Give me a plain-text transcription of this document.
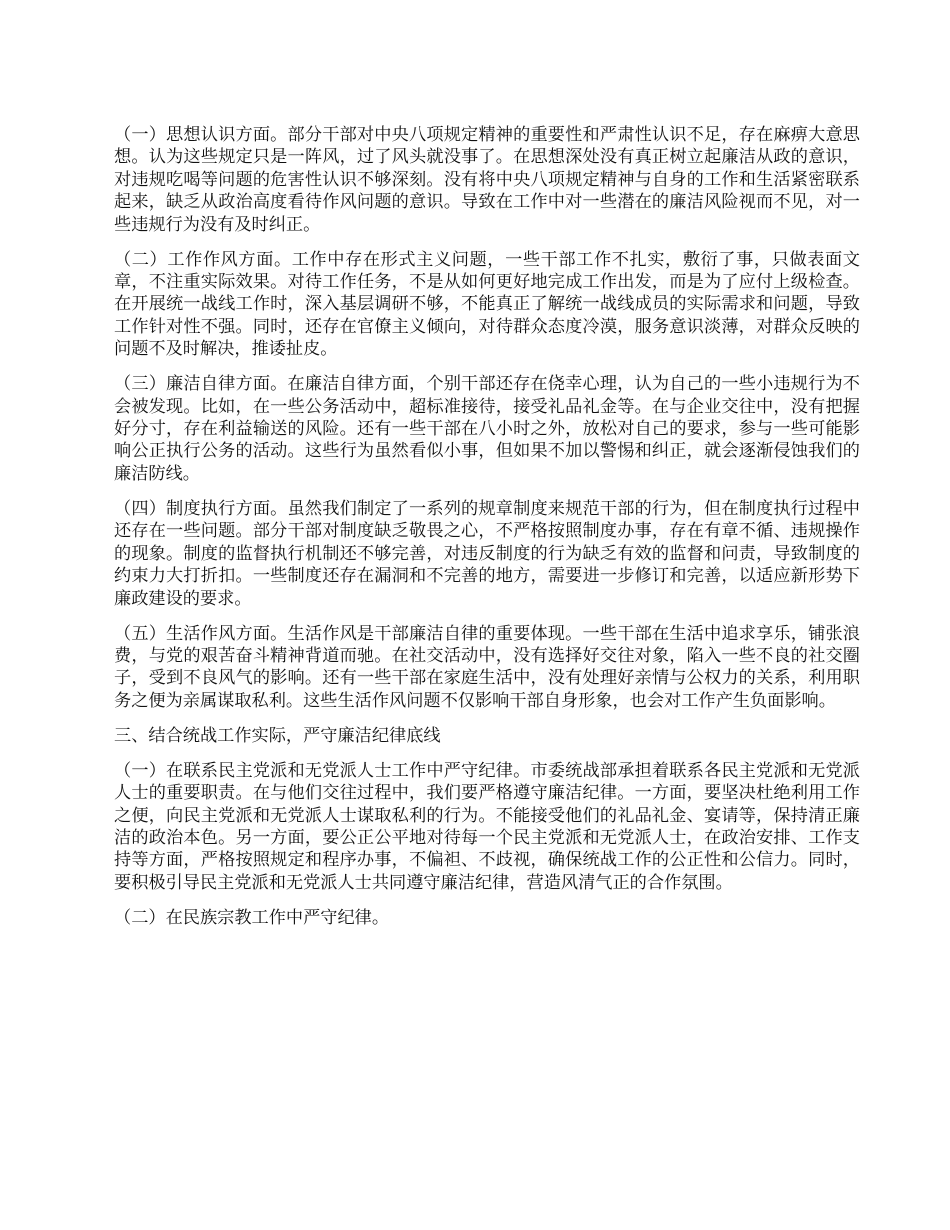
（一）思想认识方面。部分干部对中央八项规定精神的重要性和严肃性认识不足，存在麻痹大意思想。认为这些规定只是一阵风，过了风头就没事了。在思想深处没有真正树立起廉洁从政的意识，对违规吃喝等问题的危害性认识不够深刻。没有将中央八项规定精神与自身的工作和生活紧密联系起来，缺乏从政治高度看待作风问题的意识。导致在工作中对一些潜在的廉洁风险视而不见，对一些违规行为没有及时纠正。

（二）工作作风方面。工作中存在形式主义问题，一些干部工作不扎实，敷衍了事，只做表面文章，不注重实际效果。对待工作任务，不是从如何更好地完成工作出发，而是为了应付上级检查。在开展统一战线工作时，深入基层调研不够，不能真正了解统一战线成员的实际需求和问题，导致工作针对性不强。同时，还存在官僚主义倾向，对待群众态度冷漠，服务意识淡薄，对群众反映的问题不及时解决，推诿扯皮。

（三）廉洁自律方面。在廉洁自律方面，个别干部还存在侥幸心理，认为自己的一些小违规行为不会被发现。比如，在一些公务活动中，超标准接待，接受礼品礼金等。在与企业交往中，没有把握好分寸，存在利益输送的风险。还有一些干部在八小时之外，放松对自己的要求，参与一些可能影响公正执行公务的活动。这些行为虽然看似小事，但如果不加以警惕和纠正，就会逐渐侵蚀我们的廉洁防线。

（四）制度执行方面。虽然我们制定了一系列的规章制度来规范干部的行为，但在制度执行过程中还存在一些问题。部分干部对制度缺乏敬畏之心，不严格按照制度办事，存在有章不循、违规操作的现象。制度的监督执行机制还不够完善，对违反制度的行为缺乏有效的监督和问责，导致制度的约束力大打折扣。一些制度还存在漏洞和不完善的地方，需要进一步修订和完善，以适应新形势下廉政建设的要求。

（五）生活作风方面。生活作风是干部廉洁自律的重要体现。一些干部在生活中追求享乐，铺张浪费，与党的艰苦奋斗精神背道而驰。在社交活动中，没有选择好交往对象，陷入一些不良的社交圈子，受到不良风气的影响。还有一些干部在家庭生活中，没有处理好亲情与公权力的关系，利用职务之便为亲属谋取私利。这些生活作风问题不仅影响干部自身形象，也会对工作产生负面影响。

三、结合统战工作实际，严守廉洁纪律底线

（一）在联系民主党派和无党派人士工作中严守纪律。市委统战部承担着联系各民主党派和无党派人士的重要职责。在与他们交往过程中，我们要严格遵守廉洁纪律。一方面，要坚决杜绝利用工作之便，向民主党派和无党派人士谋取私利的行为。不能接受他们的礼品礼金、宴请等，保持清正廉洁的政治本色。另一方面，要公正公平地对待每一个民主党派和无党派人士，在政治安排、工作支持等方面，严格按照规定和程序办事，不偏袒、不歧视，确保统战工作的公正性和公信力。同时，要积极引导民主党派和无党派人士共同遵守廉洁纪律，营造风清气正的合作氛围。

（二）在民族宗教工作中严守纪律。
